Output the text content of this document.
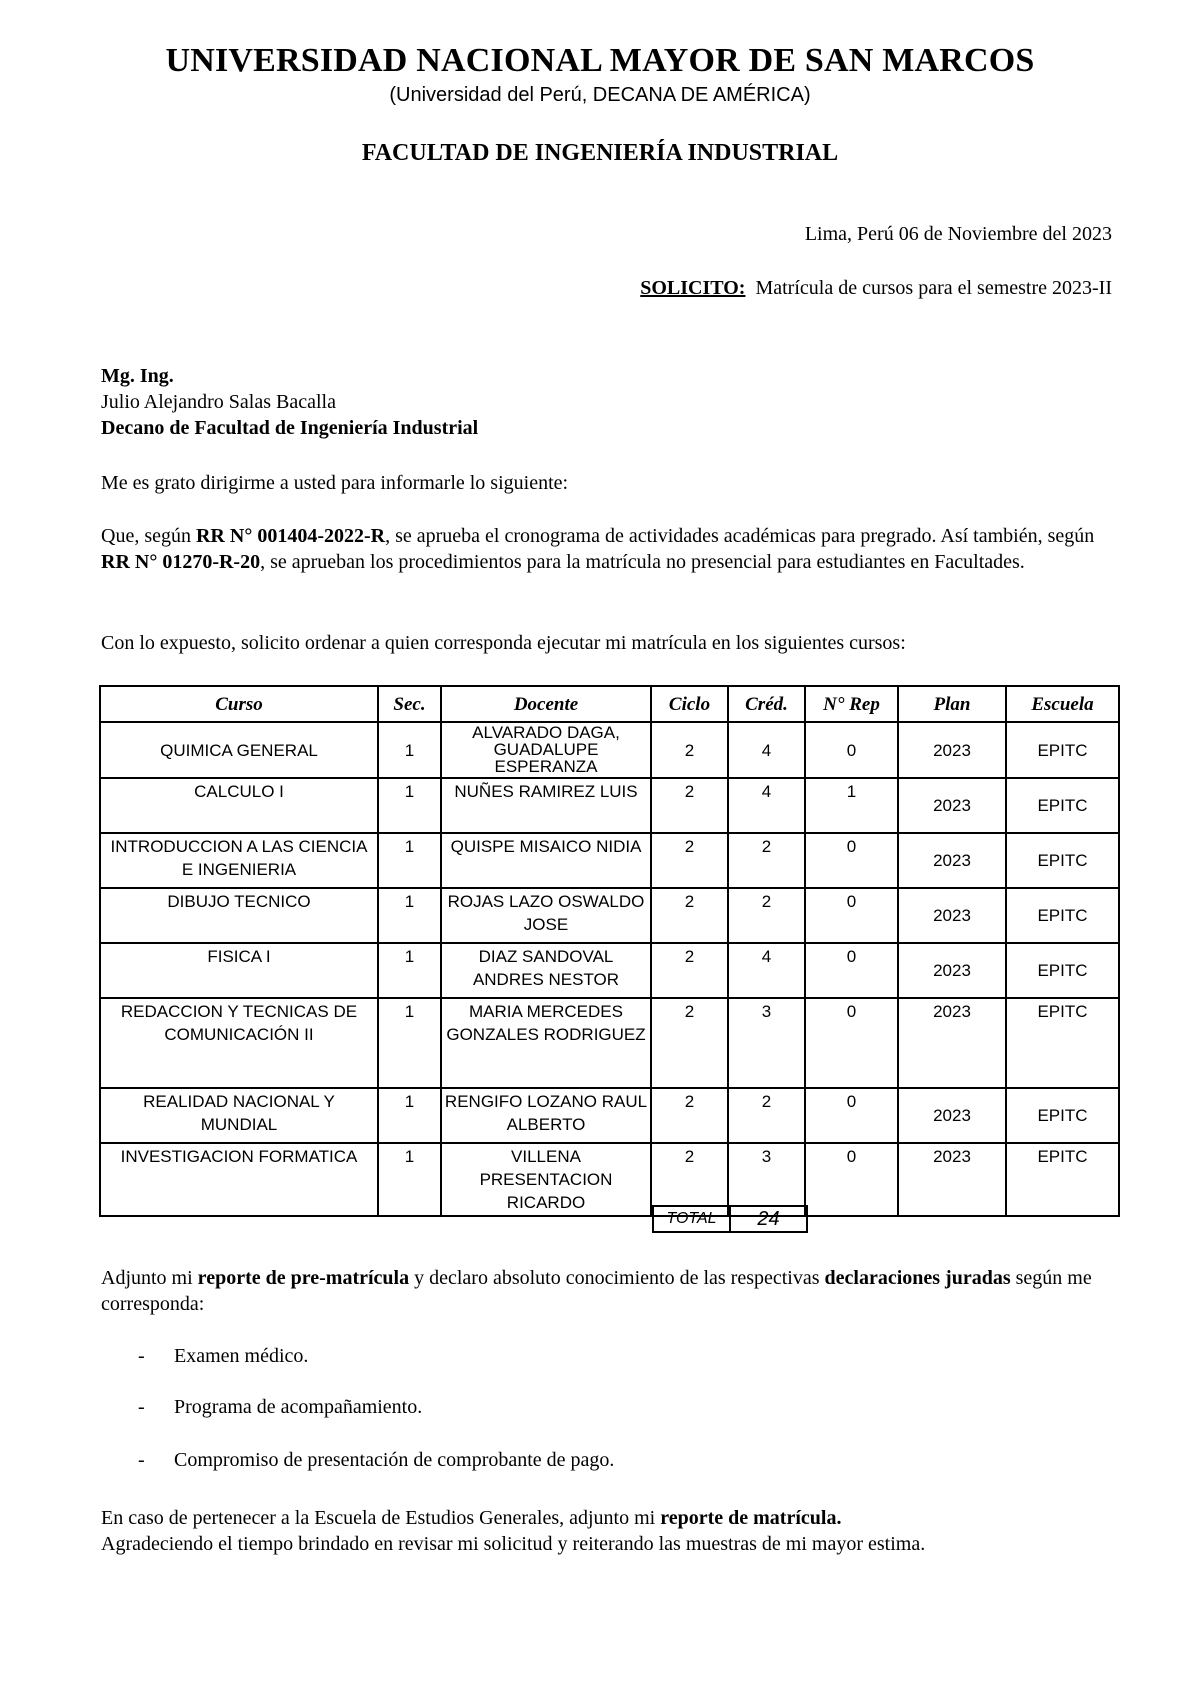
UNIVERSIDAD NACIONAL MAYOR DE SAN MARCOS
(Universidad del Perú, DECANA DE AMÉRICA)
FACULTAD DE INGENIERÍA INDUSTRIAL
Lima, Perú 06 de Noviembre del 2023
SOLICITO: Matrícula de cursos para el semestre 2023-II
Mg. Ing.
Julio Alejandro Salas Bacalla
Decano de Facultad de Ingeniería Industrial
Me es grato dirigirme a usted para informarle lo siguiente:
Que, según RR N° 001404-2022-R, se aprueba el cronograma de actividades académicas para pregrado. Así también, según RR N° 01270-R-20, se aprueban los procedimientos para la matrícula no presencial para estudiantes en Facultades.
Con lo expuesto, solicito ordenar a quien corresponda ejecutar mi matrícula en los siguientes cursos:
Curso	Sec.	Docente	Ciclo	Créd.	N° Rep	Plan	Escuela
QUIMICA GENERAL	1	ALVARADO DAGA, GUADALUPE ESPERANZA	2	4	0	2023	EPITC
CALCULO I	1	NUÑES RAMIREZ LUIS	2	4	1	2023	EPITC
INTRODUCCION A LAS CIENCIA E INGENIERIA	1	QUISPE MISAICO NIDIA	2	2	0	2023	EPITC
DIBUJO TECNICO	1	ROJAS LAZO OSWALDO JOSE	2	2	0	2023	EPITC
FISICA I	1	DIAZ SANDOVAL ANDRES NESTOR	2	4	0	2023	EPITC
REDACCION Y TECNICAS DE COMUNICACIÓN II	1	MARIA MERCEDES GONZALES RODRIGUEZ	2	3	0	2023	EPITC
REALIDAD NACIONAL Y MUNDIAL	1	RENGIFO LOZANO RAUL ALBERTO	2	2	0	2023	EPITC
INVESTIGACION FORMATICA	1	VILLENA PRESENTACION RICARDO	2	3	0	2023	EPITC
TOTAL	24
Adjunto mi reporte de pre-matrícula y declaro absoluto conocimiento de las respectivas declaraciones juradas según me corresponda:
- Examen médico.
- Programa de acompañamiento.
- Compromiso de presentación de comprobante de pago.
En caso de pertenecer a la Escuela de Estudios Generales, adjunto mi reporte de matrícula.
Agradeciendo el tiempo brindado en revisar mi solicitud y reiterando las muestras de mi mayor estima.
